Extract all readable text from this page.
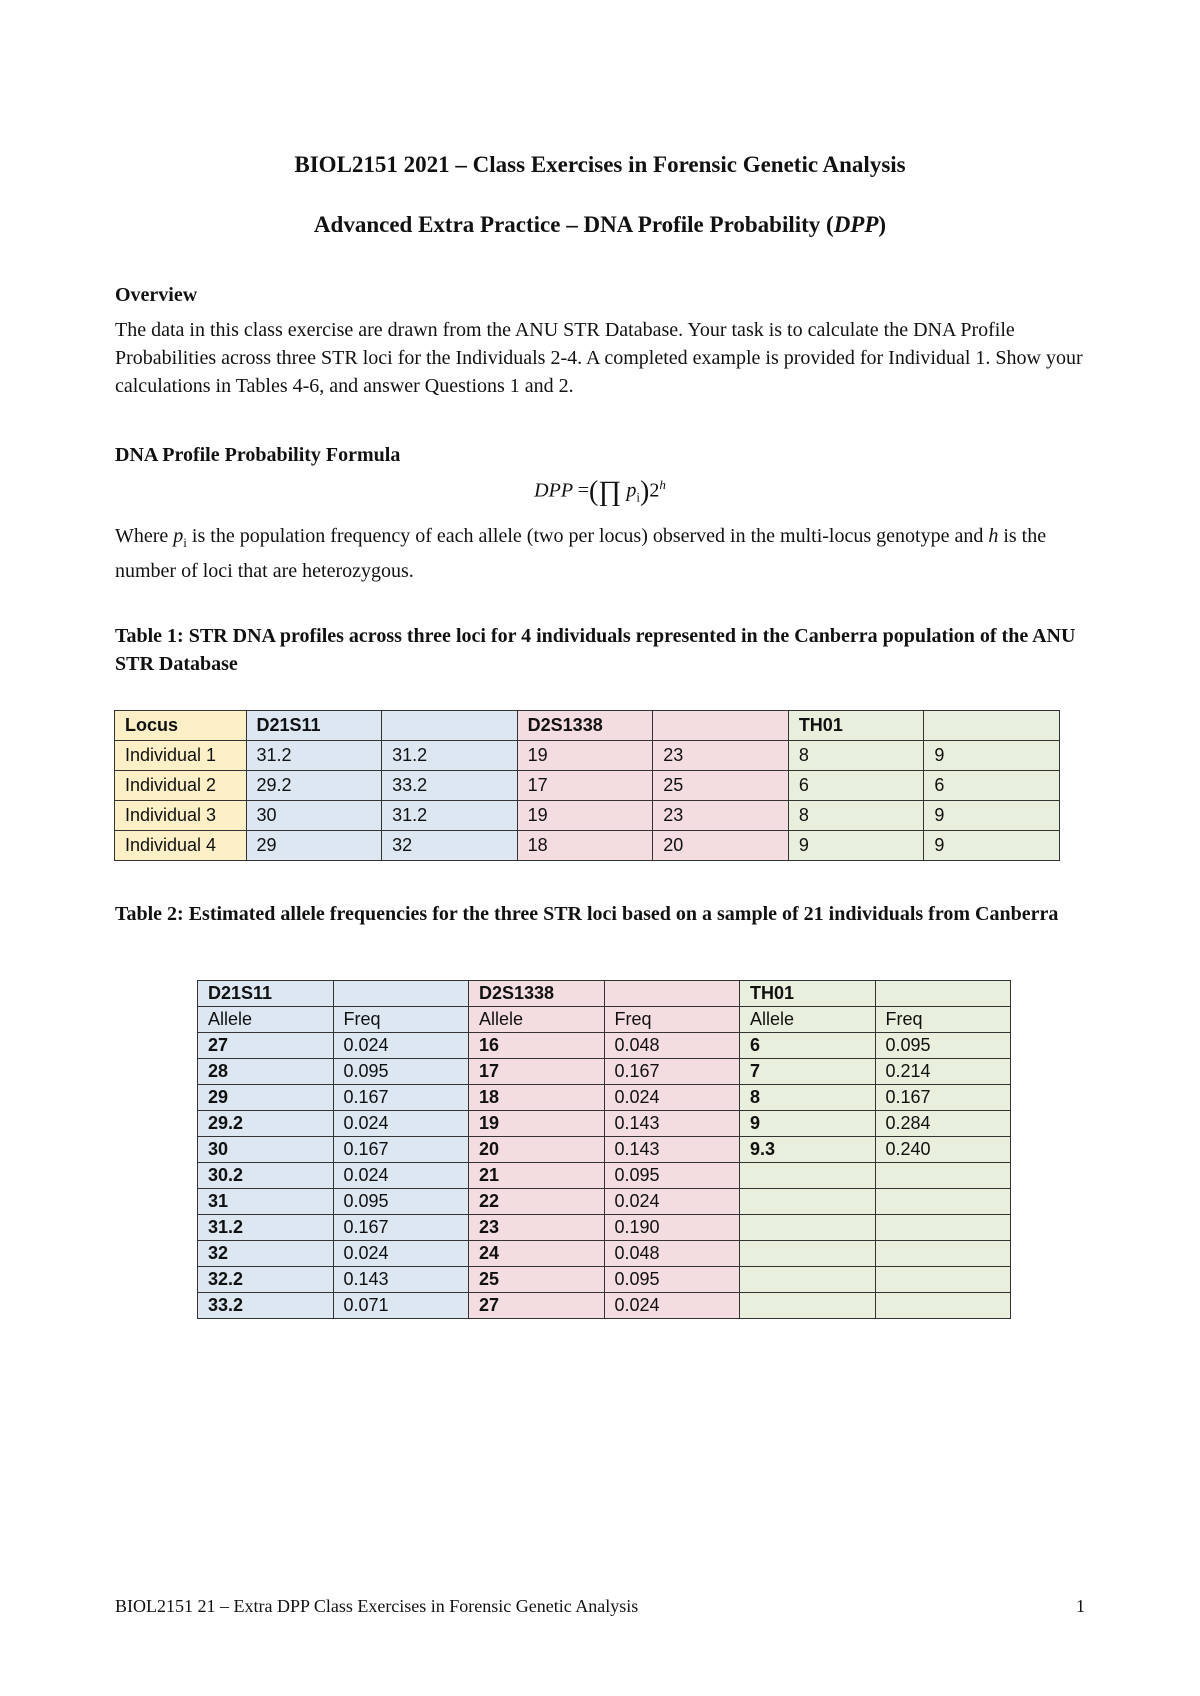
BIOL2151 2021 – Class Exercises in Forensic Genetic Analysis
Advanced Extra Practice – DNA Profile Probability (DPP)
Overview
The data in this class exercise are drawn from the ANU STR Database. Your task is to calculate the DNA Profile Probabilities across three STR loci for the Individuals 2-4. A completed example is provided for Individual 1. Show your calculations in Tables 4-6, and answer Questions 1 and 2.
DNA Profile Probability Formula
DPP =(∏ $p_i)2^h$
Where $p_i$ is the population frequency of each allele (two per locus) observed in the multi-locus genotype and h is the number of loci that are heterozygous.
Table 1: STR DNA profiles across three loci for 4 individuals represented in the Canberra population of the ANU STR Database
Locus	D21S11		D2S1338		TH01	
Individual 1	31.2	31.2	19	23	8	9
Individual 2	29.2	33.2	17	25	6	6
Individual 3	30	31.2	19	23	8	9
Individual 4	29	32	18	20	9	9
Table 2: Estimated allele frequencies for the three STR loci based on a sample of 21 individuals from Canberra
D21S11		D2S1338		TH01	
Allele	Freq	Allele	Freq	Allele	Freq
27	0.024	16	0.048	6	0.095
28	0.095	17	0.167	7	0.214
29	0.167	18	0.024	8	0.167
29.2	0.024	19	0.143	9	0.284
30	0.167	20	0.143	9.3	0.240
30.2	0.024	21	0.095		
31	0.095	22	0.024		
31.2	0.167	23	0.190		
32	0.024	24	0.048		
32.2	0.143	25	0.095		
33.2	0.071	27	0.024		
BIOL2151 21 – Extra DPP Class Exercises in Forensic Genetic Analysis	1
